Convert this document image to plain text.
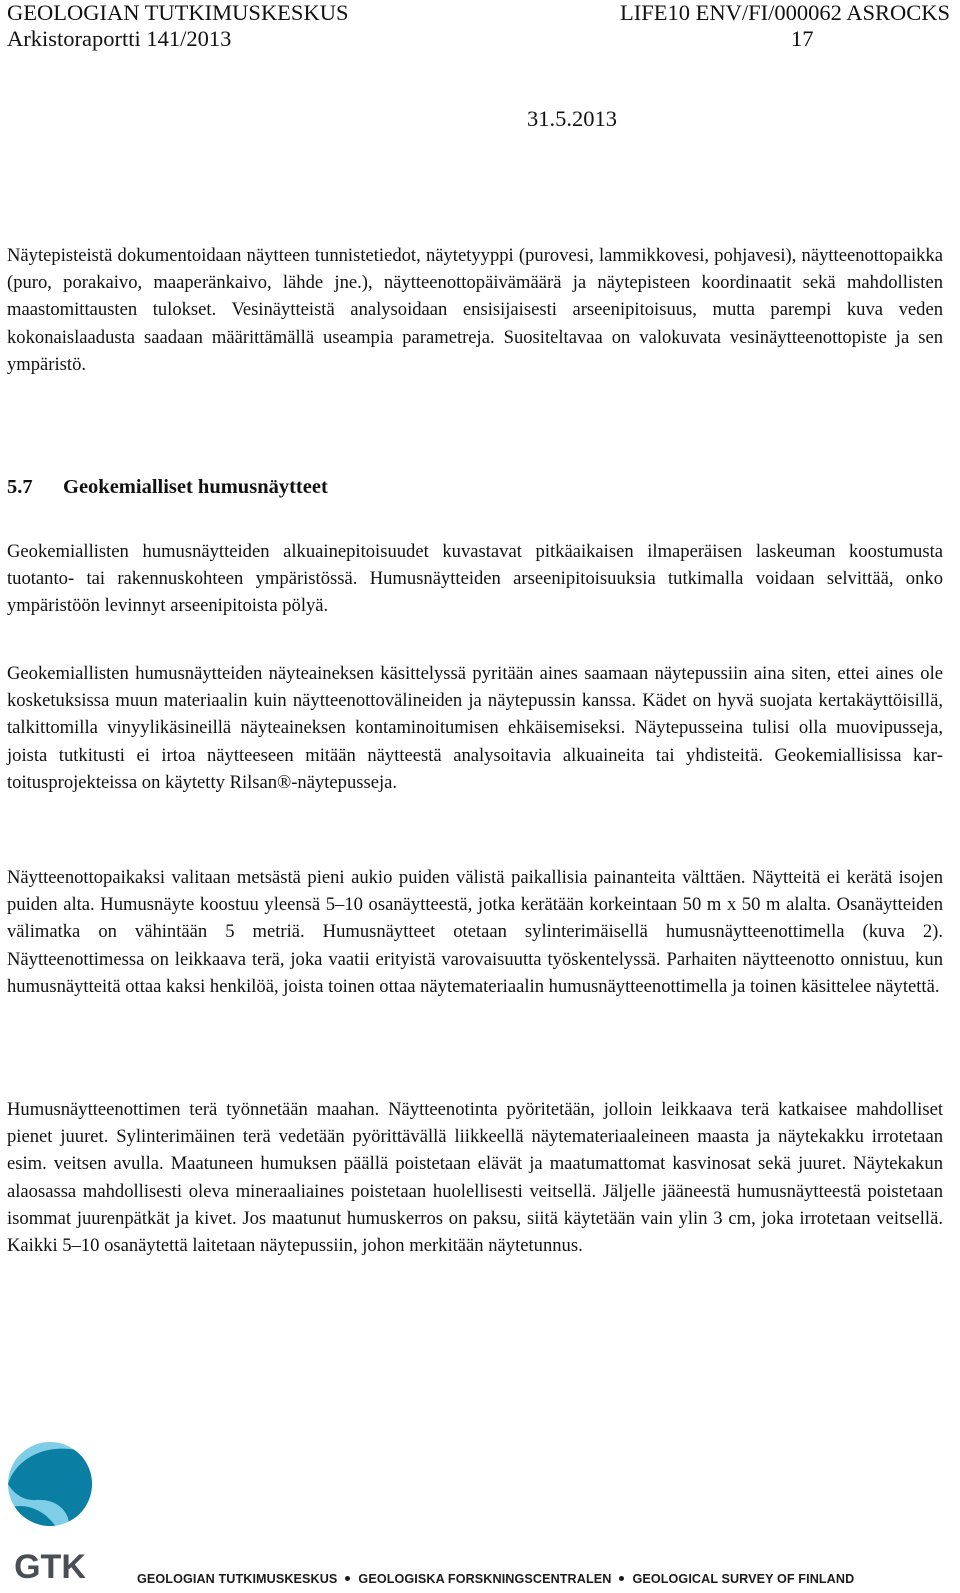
GEOLOGIAN TUTKIMUSKESKUS	LIFE10 ENV/FI/000062 ASROCKS
Arkistoraportti 141/2013	17
31.5.2013

Näytepisteistä dokumentoidaan näytteen tunnistetiedot, näytetyyppi (purovesi, lammikkovesi, pohjavesi), näytteenottopaikka (puro, porakaivo, maaperänkaivo, lähde jne.), näytteenottopäivämäärä ja näytepisteen koordinaatit sekä mahdollisten maastomittausten tulokset. Vesinäytteistä analysoidaan ensisijaisesti arseenipitoisuus, mutta parempi kuva veden kokonaislaadusta saadaan määrittämällä useampia parametreja. Suositeltavaa on valokuvata vesinäytteenottopiste ja sen ympäristö.

5.7 Geokemialliset humusnäytteet

Geokemiallisten humusnäytteiden alkuainepitoisuudet kuvastavat pitkäaikaisen ilmaperäisen laskeuman koostumusta tuotanto- tai rakennuskohteen ympäristössä. Humusnäytteiden arseenipitoisuuksia tutkimalla voidaan selvittää, onko ympäristöön levinnyt arseenipitoista pölyä.

Geokemiallisten humusnäytteiden näyteaineksen käsittelyssä pyritään aines saamaan näytepussiin aina siten, ettei aines ole kosketuksissa muun materiaalin kuin näytteenottovälineiden ja näytepussin kanssa. Kädet on hyvä suojata kertakäyttöisillä, talkittomilla vinyylikäsineillä näyteaineksen kontaminoitumisen ehkäisemiseksi. Näytepusseina tulisi olla muovipusseja, joista tutkitusti ei irtoa näytteeseen mitään näytteestä analysoitavia alkuaineita tai yhdisteitä. Geokemiallisissa kartoitusprojekteissa on käytetty Rilsan®-näytepusseja.

Näytteenottopaikaksi valitaan metsästä pieni aukio puiden välistä paikallisia painanteita välttäen. Näytteitä ei kerätä isojen puiden alta. Humusnäyte koostuu yleensä 5–10 osanäytteestä, jotka kerätään korkeintaan 50 m x 50 m alalta. Osanäytteiden välimatka on vähintään 5 metriä. Humusnäytteet otetaan sylinterimäisellä humusnäytteenottimella (kuva 2). Näytteenottimessa on leikkaava terä, joka vaatii erityistä varovaisuutta työskentelyssä. Parhaiten näytteenotto onnistuu, kun humusnäytteitä ottaa kaksi henkilöä, joista toinen ottaa näytemateriaalin humusnäytteenottimella ja toinen käsittelee näytettä.

Humusnäytteenottimen terä työnnetään maahan. Näytteenotinta pyöritetään, jolloin leikkaava terä katkaisee mahdolliset pienet juuret. Sylinterimäinen terä vedetään pyörittävällä liikkeellä näytemateriaaleineen maasta ja näytekakku irrotetaan esim. veitsen avulla. Maatuneen humuksen päällä poistetaan elävät ja maatumattomat kasvinosat sekä juuret. Näytekakun alaosassa mahdollisesti oleva mineraaliaines poistetaan huolellisesti veitsellä. Jäljelle jääneestä humusnäytteestä poistetaan isommat juurenpätkät ja kivet. Jos maatunut humuskerros on paksu, siitä käytetään vain ylin 3 cm, joka irrotetaan veitsellä. Kaikki 5–10 osanäytettä laitetaan näytepussiin, johon merkitään näytetunnus.

GTK	GEOLOGIAN TUTKIMUSKESKUS GEOLOGISKA FORSKNINGSCENTRALEN GEOLOGICAL SURVEY OF FINLAND
